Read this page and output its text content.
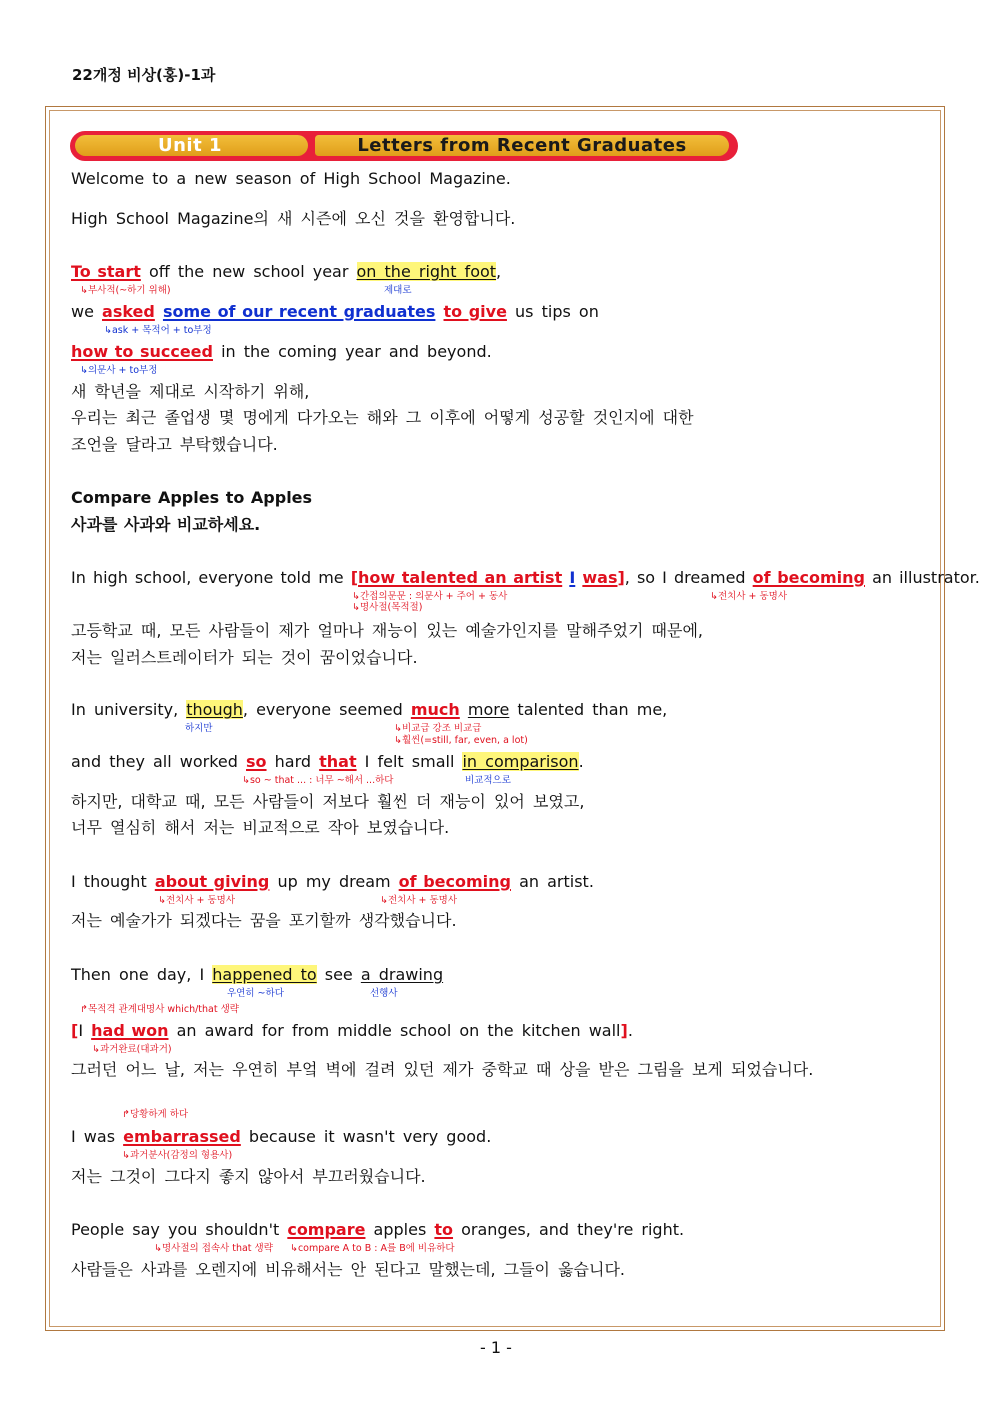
22개정 비상(홍)-1과
Unit 1	Letters from Recent Graduates
Welcome to a new season of High School Magazine.
High School Magazine의 새 시즌에 오신 것을 환영합니다.
To start off the new school year on the right foot,
↳부사적(~하기 위해)	제대로
we asked some of our recent graduates to give us tips on
↳ask + 목적어 + to부정
how to succeed in the coming year and beyond.
↳의문사 + to부정
새 학년을 제대로 시작하기 위해,
우리는 최근 졸업생 몇 명에게 다가오는 해와 그 이후에 어떻게 성공할 것인지에 대한
조언을 달라고 부탁했습니다.
Compare Apples to Apples
사과를 사과와 비교하세요.
In high school, everyone told me [how talented an artist I was], so I dreamed of becoming an illustrator.
↳간접의문문 : 의문사 + 주어 + 동사
↳명사절(목적절)
↳전치사 + 동명사
고등학교 때, 모든 사람들이 제가 얼마나 재능이 있는 예술가인지를 말해주었기 때문에,
저는 일러스트레이터가 되는 것이 꿈이었습니다.
In university, though, everyone seemed much more talented than me,
하지만	↳비교급 강조 비교급
↳훨씬(=still, far, even, a lot)
and they all worked so hard that I felt small in comparison.
↳so ~ that ... : 너무 ~해서 ...하다	비교적으로
하지만, 대학교 때, 모든 사람들이 저보다 훨씬 더 재능이 있어 보였고,
너무 열심히 해서 저는 비교적으로 작아 보였습니다.
I thought about giving up my dream of becoming an artist.
↳전치사 + 동명사	↳전치사 + 동명사
저는 예술가가 되겠다는 꿈을 포기할까 생각했습니다.
Then one day, I happened to see a drawing
우연히 ~하다	선행사
↱목적격 관계대명사 which/that 생략
[I had won an award for from middle school on the kitchen wall].
↳과거완료(대과거)
그러던 어느 날, 저는 우연히 부엌 벽에 걸려 있던 제가 중학교 때 상을 받은 그림을 보게 되었습니다.
↱당황하게 하다
I was embarrassed because it wasn't very good.
↳과거분사(감정의 형용사)
저는 그것이 그다지 좋지 않아서 부끄러웠습니다.
People say you shouldn't compare apples to oranges, and they're right.
↳명사절의 접속사 that 생략 ↳compare A to B : A를 B에 비유하다
사람들은 사과를 오렌지에 비유해서는 안 된다고 말했는데, 그들이 옳습니다.
- 1 -
